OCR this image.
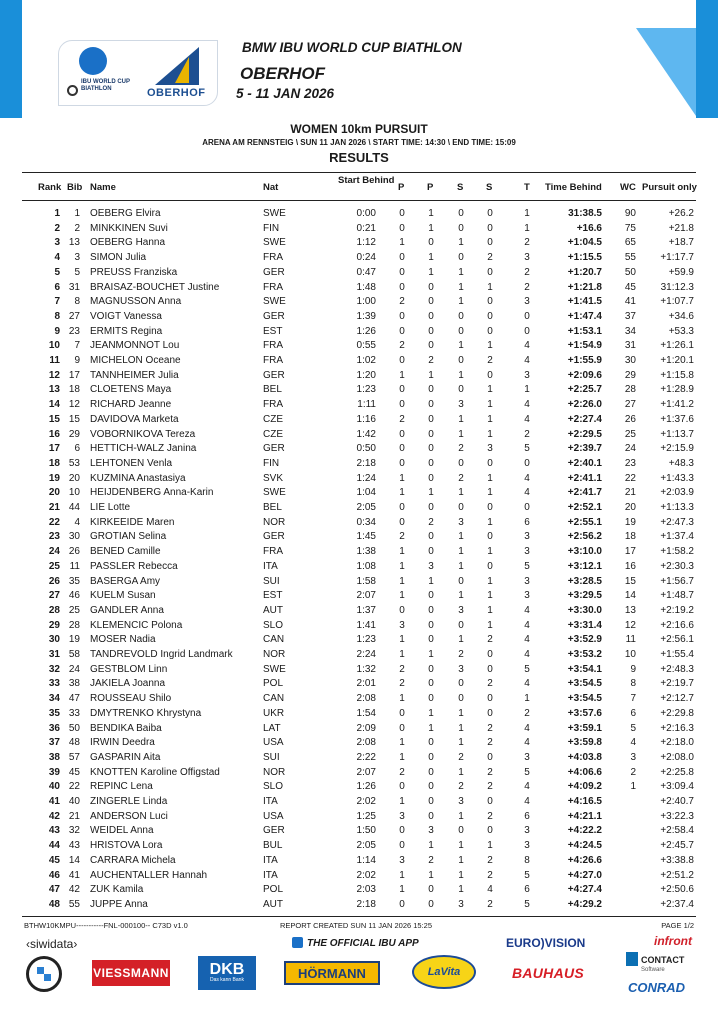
IBU WORLD CUP BIATHLON	OBERHOF
BMW IBU WORLD CUP BIATHLON
OBERHOF
5 - 11 JAN 2026
WOMEN 10km PURSUIT
ARENA AM RENNSTEIG \ SUN 11 JAN 2026 \ START TIME: 14:30 \ END TIME: 15:09
RESULTS
Rank Bib Name	Nat
Start Behind
P P S S	T Time Behind WC Pursuit only
1 1 OEBERG Elvira	SWE	0:00 0 1 0 0	1	31:38.5 90	+26.2
2 2 MINKKINEN Suvi	FIN	0:21 0 1 0 0	1	+16.6 75	+21.8
3 13 OEBERG Hanna	SWE	1:12 1 0 1 0	2	+1:04.5 65	+18.7
4 3 SIMON Julia	FRA	0:24 0 1 0 2	3	+1:15.5 55 +1:17.7
5 5 PREUSS Franziska	GER	0:47 0 1 1 0	2	+1:20.7 50	+59.9
6 31 BRAISAZ-BOUCHET Justine	FRA	1:48 0 0 1 1	2	+1:21.8 45 31:12.3
7 8 MAGNUSSON Anna	SWE	1:00 2 0 1 0	3	+1:41.5 41 +1:07.7
8 27 VOIGT Vanessa	GER	1:39 0 0 0 0	0	+1:47.4 37	+34.6
9 23 ERMITS Regina	EST	1:26 0 0 0 0	0	+1:53.1 34	+53.3
10 7 JEANMONNOT Lou	FRA	0:55 2 0 1 1	4	+1:54.9 31 +1:26.1
11 9 MICHELON Oceane	FRA	1:02 0 2 0 2	4	+1:55.9 30 +1:20.1
12 17 TANNHEIMER Julia	GER	1:20 1 1 1 0	3	+2:09.6 29 +1:15.8
13 18 CLOETENS Maya	BEL	1:23 0 0 0 1	1	+2:25.7 28 +1:28.9
14 12 RICHARD Jeanne	FRA	1:11 0 0 3 1	4	+2:26.0 27 +1:41.2
15 15 DAVIDOVA Marketa	CZE	1:16 2 0 1 1	4	+2:27.4 26 +1:37.6
16 29 VOBORNIKOVA Tereza	CZE	1:42 0 0 1 1	2	+2:29.5 25 +1:13.7
17 6 HETTICH-WALZ Janina	GER	0:50 0 0 2 3	5	+2:39.7 24 +2:15.9
18 53 LEHTONEN Venla	FIN	2:18 0 0 0 0	0	+2:40.1 23	+48.3
19 20 KUZMINA Anastasiya	SVK	1:24 1 0 2 1	4	+2:41.1 22 +1:43.3
20 10 HEIJDENBERG Anna-Karin	SWE	1:04 1 1 1 1	4	+2:41.7 21 +2:03.9
21 44 LIE Lotte	BEL	2:05 0 0 0 0	0	+2:52.1 20 +1:13.3
22 4 KIRKEEIDE Maren	NOR	0:34 0 2 3 1	6	+2:55.1 19 +2:47.3
23 30 GROTIAN Selina	GER	1:45 2 0 1 0	3	+2:56.2 18 +1:37.4
24 26 BENED Camille	FRA	1:38 1 0 1 1	3	+3:10.0 17 +1:58.2
25 11 PASSLER Rebecca	ITA	1:08 1 3 1 0	5	+3:12.1 16 +2:30.3
26 35 BASERGA Amy	SUI	1:58 1 1 0 1	3	+3:28.5 15 +1:56.7
27 46 KUELM Susan	EST	2:07 1 0 1 1	3	+3:29.5 14 +1:48.7
28 25 GANDLER Anna	AUT	1:37 0 0 3 1	4	+3:30.0 13 +2:19.2
29 28 KLEMENCIC Polona	SLO	1:41 3 0 0 1	4	+3:31.4 12 +2:16.6
30 19 MOSER Nadia	CAN	1:23 1 0 1 2	4	+3:52.9 11 +2:56.1
31 58 TANDREVOLD Ingrid Landmark	NOR	2:24 1 1 2 0	4	+3:53.2 10 +1:55.4
32 24 GESTBLOM Linn	SWE	1:32 2 0 3 0	5	+3:54.1	9 +2:48.3
33 38 JAKIELA Joanna	POL	2:01 2 0 0 2	4	+3:54.5	8 +2:19.7
34 47 ROUSSEAU Shilo	CAN	2:08 1 0 0 0	1	+3:54.5	7 +2:12.7
35 33 DMYTRENKO Khrystyna	UKR	1:54 0 1 1 0	2	+3:57.6	6 +2:29.8
36 50 BENDIKA Baiba	LAT	2:09 0 1 1 2	4	+3:59.1	5 +2:16.3
37 48 IRWIN Deedra	USA	2:08 1 0 1 2	4	+3:59.8	4 +2:18.0
38 57 GASPARIN Aita	SUI	2:22 1 0 2 0	3	+4:03.8	3 +2:08.0
39 45 KNOTTEN Karoline Offigstad	NOR	2:07 2 0 1 2	5	+4:06.6	2 +2:25.8
40 22 REPINC Lena	SLO	1:26 0 0 2 2	4	+4:09.2	1 +3:09.4
41 40 ZINGERLE Linda	ITA	2:02 1 0 3 0	4	+4:16.5	+2:40.7
42 21 ANDERSON Luci	USA	1:25 3 0 1 2	6	+4:21.1	+3:22.3
43 32 WEIDEL Anna	GER	1:50 0 3 0 0	3	+4:22.2	+2:58.4
44 43 HRISTOVA Lora	BUL	2:05 0 1 1 1	3	+4:24.5	+2:45.7
45 14 CARRARA Michela	ITA	1:14 3 2 1 2	8	+4:26.6	+3:38.8
46 41 AUCHENTALLER Hannah	ITA	2:02 1 1 1 2	5	+4:27.0	+2:51.2
47 42 ZUK Kamila	POL	2:03 1 0 1 4	6	+4:27.4	+2:50.6
48 55 JUPPE Anna	AUT	2:18 0 0 3 2	5	+4:29.2	+2:37.4
BTHW10KMPU-----------FNL-000100-- C73D v1.0	REPORT CREATED SUN 11 JAN 2026 15:25	PAGE 1/2
‹siwidata›	THE OFFICIAL IBU APP	EURO)VISION	infront
VIESSMANN	DKB
Das kann Bank	HÖRMANN	LaVita	BAUHAUS
CONTACT
Software
CONRAD
